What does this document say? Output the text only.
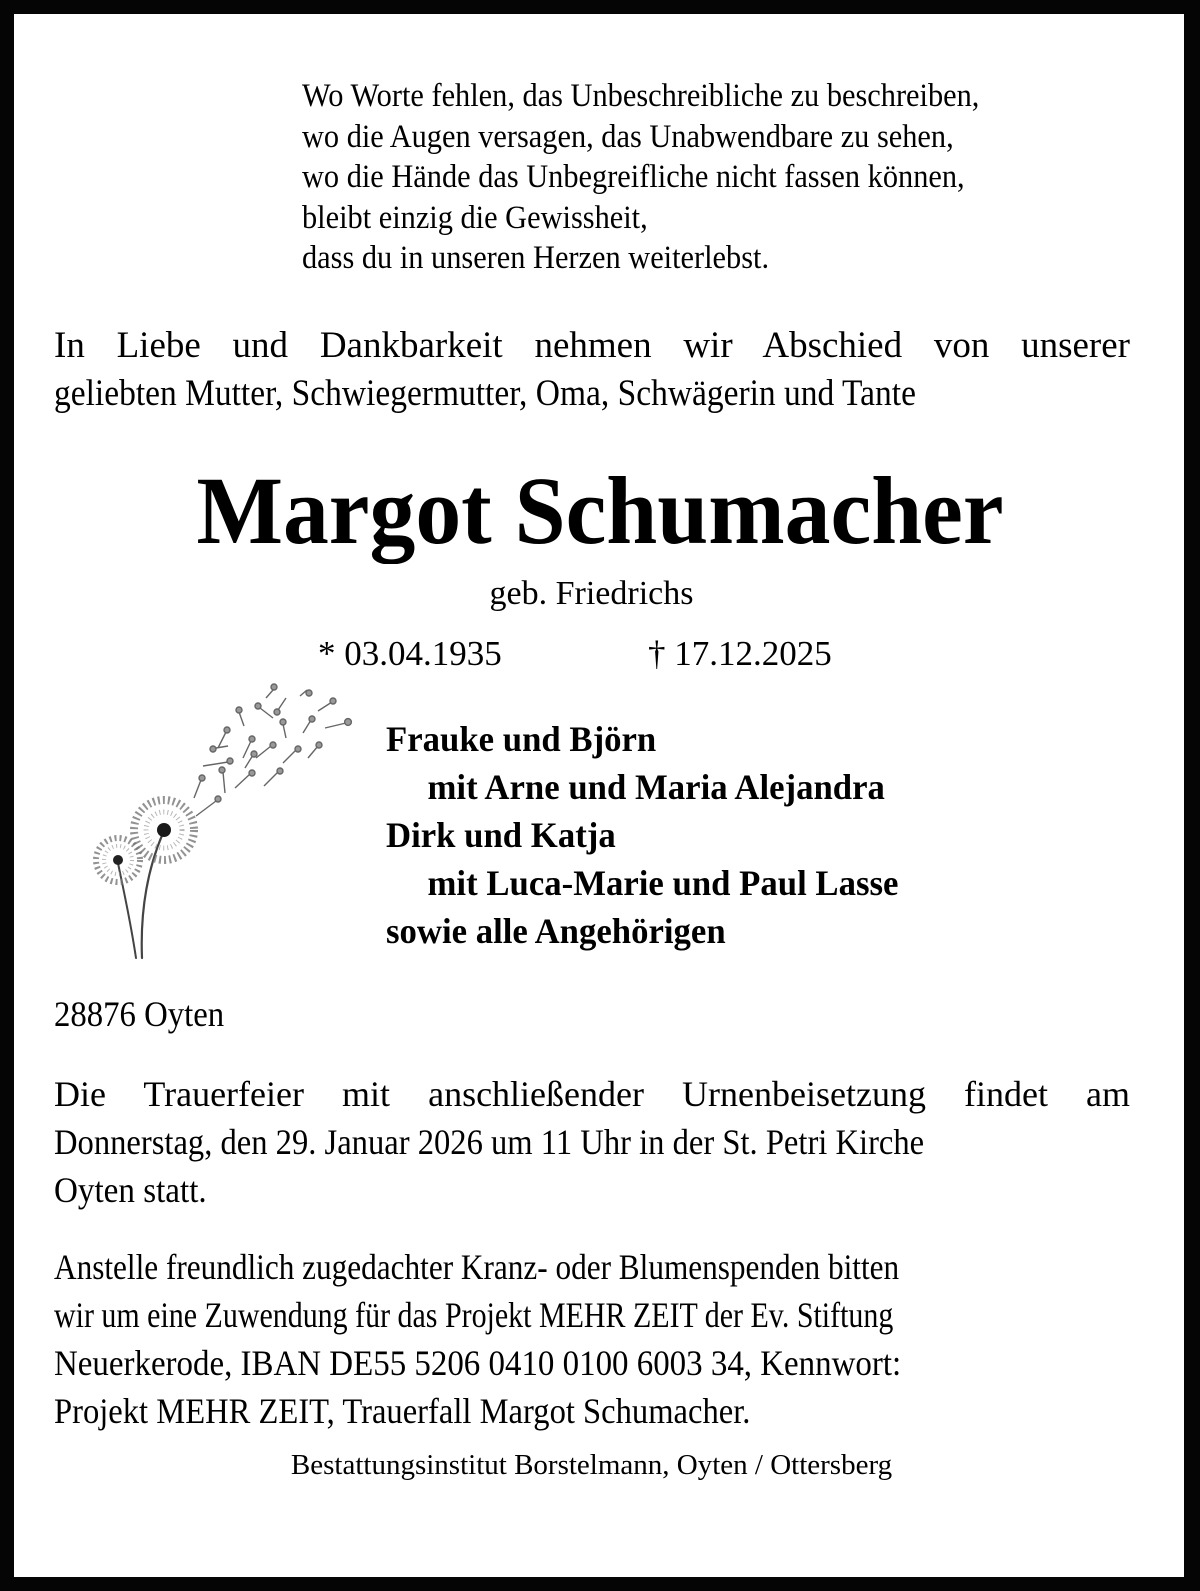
Wo Worte fehlen, das Unbeschreibliche zu beschreiben,
wo die Augen versagen, das Unabwendbare zu sehen,
wo die Hände das Unbegreifliche nicht fassen können,
bleibt einzig die Gewissheit,
dass du in unseren Herzen weiterlebst.
In Liebe und Dankbarkeit nehmen wir Abschied von unserer
geliebten Mutter, Schwiegermutter, Oma, Schwägerin und Tante
Margot Schumacher
geb. Friedrichs
* 03.04.1935	† 17.12.2025
Frauke und Björn
mit Arne und Maria Alejandra
Dirk und Katja
mit Luca-Marie und Paul Lasse
sowie alle Angehörigen
28876 Oyten
Die Trauerfeier mit anschließender Urnenbeisetzung findet am
Donnerstag, den 29. Januar 2026 um 11 Uhr in der St. Petri Kirche
Oyten statt.
Anstelle freundlich zugedachter Kranz- oder Blumenspenden bitten
wir um eine Zuwendung für das Projekt MEHR ZEIT der Ev. Stiftung
Neuerkerode, IBAN DE55 5206 0410 0100 6003 34, Kennwort:
Projekt MEHR ZEIT, Trauerfall Margot Schumacher.
Bestattungsinstitut Borstelmann, Oyten / Ottersberg
